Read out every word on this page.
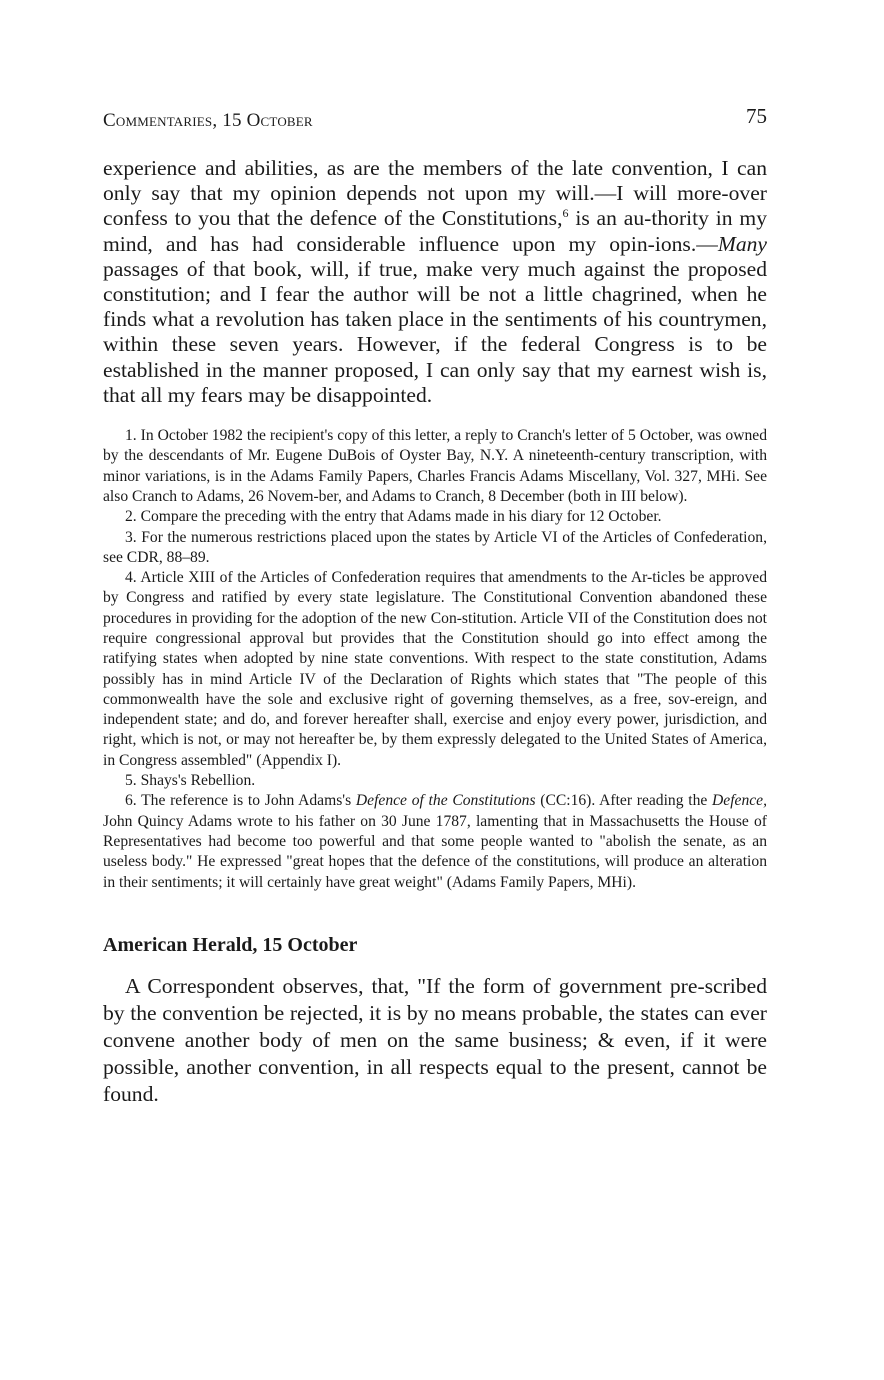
Commentaries, 15 October	75

experience and abilities, as are the members of the late convention, I can only say that my opinion depends not upon my will.—I will more-over confess to you that the defence of the Constitutions,$^6$ is an au-thority in my mind, and has had considerable influence upon my opin-ions.—Many passages of that book, will, if true, make very much against the proposed constitution; and I fear the author will be not a little chagrined, when he finds what a revolution has taken place in the sentiments of his countrymen, within these seven years. However, if the federal Congress is to be established in the manner proposed, I can only say that my earnest wish is, that all my fears may be disappointed.

1. In October 1982 the recipient's copy of this letter, a reply to Cranch's letter of 5 October, was owned by the descendants of Mr. Eugene DuBois of Oyster Bay, N.Y. A nineteenth-century transcription, with minor variations, is in the Adams Family Papers, Charles Francis Adams Miscellany, Vol. 327, MHi. See also Cranch to Adams, 26 Novem-ber, and Adams to Cranch, 8 December (both in III below).

2. Compare the preceding with the entry that Adams made in his diary for 12 October.

3. For the numerous restrictions placed upon the states by Article VI of the Articles of Confederation, see CDR, 88–89.

4. Article XIII of the Articles of Confederation requires that amendments to the Ar-ticles be approved by Congress and ratified by every state legislature. The Constitutional Convention abandoned these procedures in providing for the adoption of the new Con-stitution. Article VII of the Constitution does not require congressional approval but provides that the Constitution should go into effect among the ratifying states when adopted by nine state conventions. With respect to the state constitution, Adams possibly has in mind Article IV of the Declaration of Rights which states that "The people of this commonwealth have the sole and exclusive right of governing themselves, as a free, sov-ereign, and independent state; and do, and forever hereafter shall, exercise and enjoy every power, jurisdiction, and right, which is not, or may not hereafter be, by them expressly delegated to the United States of America, in Congress assembled" (Appendix I).

5. Shays's Rebellion.

6. The reference is to John Adams's Defence of the Constitutions (CC:16). After reading the Defence, John Quincy Adams wrote to his father on 30 June 1787, lamenting that in Massachusetts the House of Representatives had become too powerful and that some people wanted to "abolish the senate, as an useless body." He expressed "great hopes that the defence of the constitutions, will produce an alteration in their sentiments; it will certainly have great weight" (Adams Family Papers, MHi).

American Herald, 15 October

A Correspondent observes, that, "If the form of government pre-scribed by the convention be rejected, it is by no means probable, the states can ever convene another body of men on the same business; & even, if it were possible, another convention, in all respects equal to the present, cannot be found.
